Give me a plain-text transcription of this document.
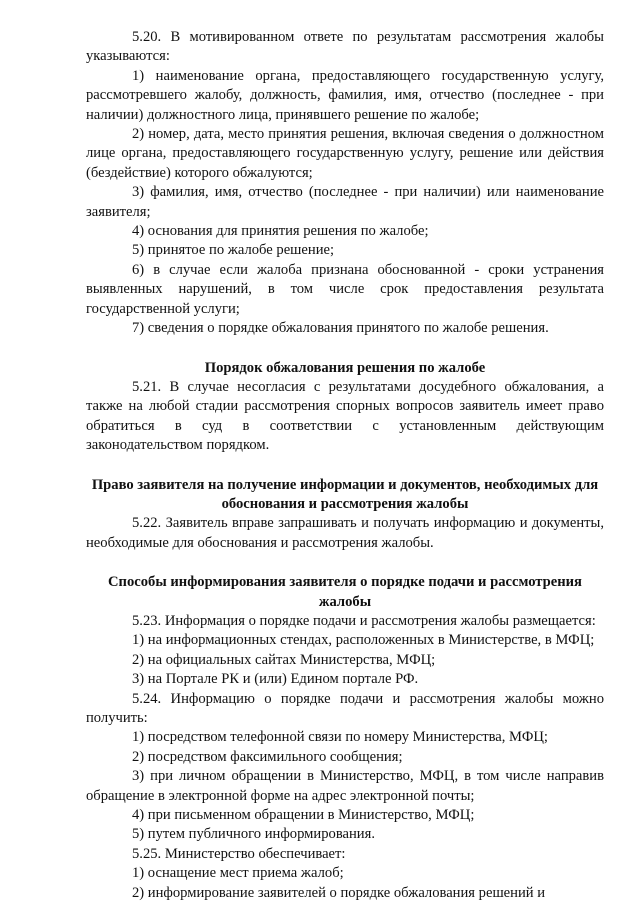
5.20. В мотивированном ответе по результатам рассмотрения жалобы указываются:

1) наименование органа, предоставляющего государственную услугу, рассмотревшего жалобу, должность, фамилия, имя, отчество (последнее - при наличии) должностного лица, принявшего решение по жалобе;

2) номер, дата, место принятия решения, включая сведения о должностном лице органа, предоставляющего государственную услугу, решение или действия (бездействие) которого обжалуются;

3) фамилия, имя, отчество (последнее - при наличии) или наименование заявителя;

4) основания для принятия решения по жалобе;

5) принятое по жалобе решение;

6) в случае если жалоба признана обоснованной - сроки устранения выявленных нарушений, в том числе срок предоставления результата государственной услуги;

7) сведения о порядке обжалования принятого по жалобе решения.

Порядок обжалования решения по жалобе

5.21. В случае несогласия с результатами досудебного обжалования, а также на любой стадии рассмотрения спорных вопросов заявитель имеет право обратиться в суд в соответствии с установленным действующим законодательством порядком.

Право заявителя на получение информации и документов, необходимых для обоснования и рассмотрения жалобы

5.22. Заявитель вправе запрашивать и получать информацию и документы, необходимые для обоснования и рассмотрения жалобы.

Способы информирования заявителя о порядке подачи и рассмотрения жалобы

5.23. Информация о порядке подачи и рассмотрения жалобы размещается:

1) на информационных стендах, расположенных в Министерстве, в МФЦ;

2) на официальных сайтах Министерства, МФЦ;

3) на Портале РК и (или) Едином портале РФ.

5.24. Информацию о порядке подачи и рассмотрения жалобы можно получить:

1) посредством телефонной связи по номеру Министерства, МФЦ;

2) посредством факсимильного сообщения;

3) при личном обращении в Министерство, МФЦ, в том числе направив обращение в электронной форме на адрес электронной почты;

4) при письменном обращении в Министерство, МФЦ;

5) путем публичного информирования.

5.25. Министерство обеспечивает:

1) оснащение мест приема жалоб;

2) информирование заявителей о порядке обжалования решений и
